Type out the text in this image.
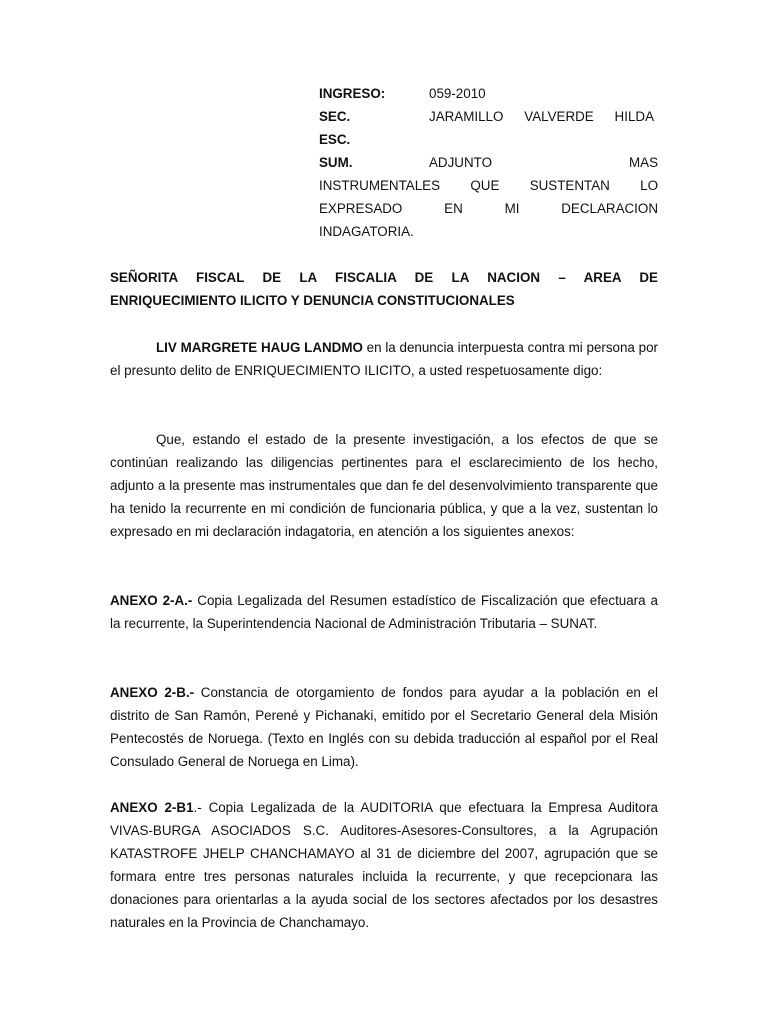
INGRESO:	059-2010
SEC.	JARAMILLO VALVERDE HILDA
ESC.
SUM.	ADJUNTO MAS
INSTRUMENTALES QUE SUSTENTAN LO
EXPRESADO EN MI DECLARACION
INDAGATORIA.
SEÑORITA FISCAL DE LA FISCALIA DE LA NACION – AREA DE
ENRIQUECIMIENTO ILICITO Y DENUNCIA CONSTITUCIONALES

LIV MARGRETE HAUG LANDMO en la denuncia interpuesta contra mi persona por el presunto delito de ENRIQUECIMIENTO ILICITO, a usted respetuosamente digo:

Que, estando el estado de la presente investigación, a los efectos de que se continúan realizando las diligencias pertinentes para el esclarecimiento de los hecho, adjunto a la presente mas instrumentales que dan fe del desenvolvimiento transparente que ha tenido la recurrente en mi condición de funcionaria pública, y que a la vez, sustentan lo expresado en mi declaración indagatoria, en atención a los siguientes anexos:

ANEXO 2-A.- Copia Legalizada del Resumen estadístico de Fiscalización que efectuara a la recurrente, la Superintendencia Nacional de Administración Tributaria – SUNAT.

ANEXO 2-B.- Constancia de otorgamiento de fondos para ayudar a la población en el distrito de San Ramón, Perené y Pichanaki, emitido por el Secretario General dela Misión Pentecostés de Noruega. (Texto en Inglés con su debida traducción al español por el Real Consulado General de Noruega en Lima).

ANEXO 2-B1.- Copia Legalizada de la AUDITORIA que efectuara la Empresa Auditora VIVAS-BURGA ASOCIADOS S.C. Auditores-Asesores-Consultores, a la Agrupación KATASTROFE JHELP CHANCHAMAYO al 31 de diciembre del 2007, agrupación que se formara entre tres personas naturales incluida la recurrente, y que recepcionara las donaciones para orientarlas a la ayuda social de los sectores afectados por los desastres naturales en la Provincia de Chanchamayo.
